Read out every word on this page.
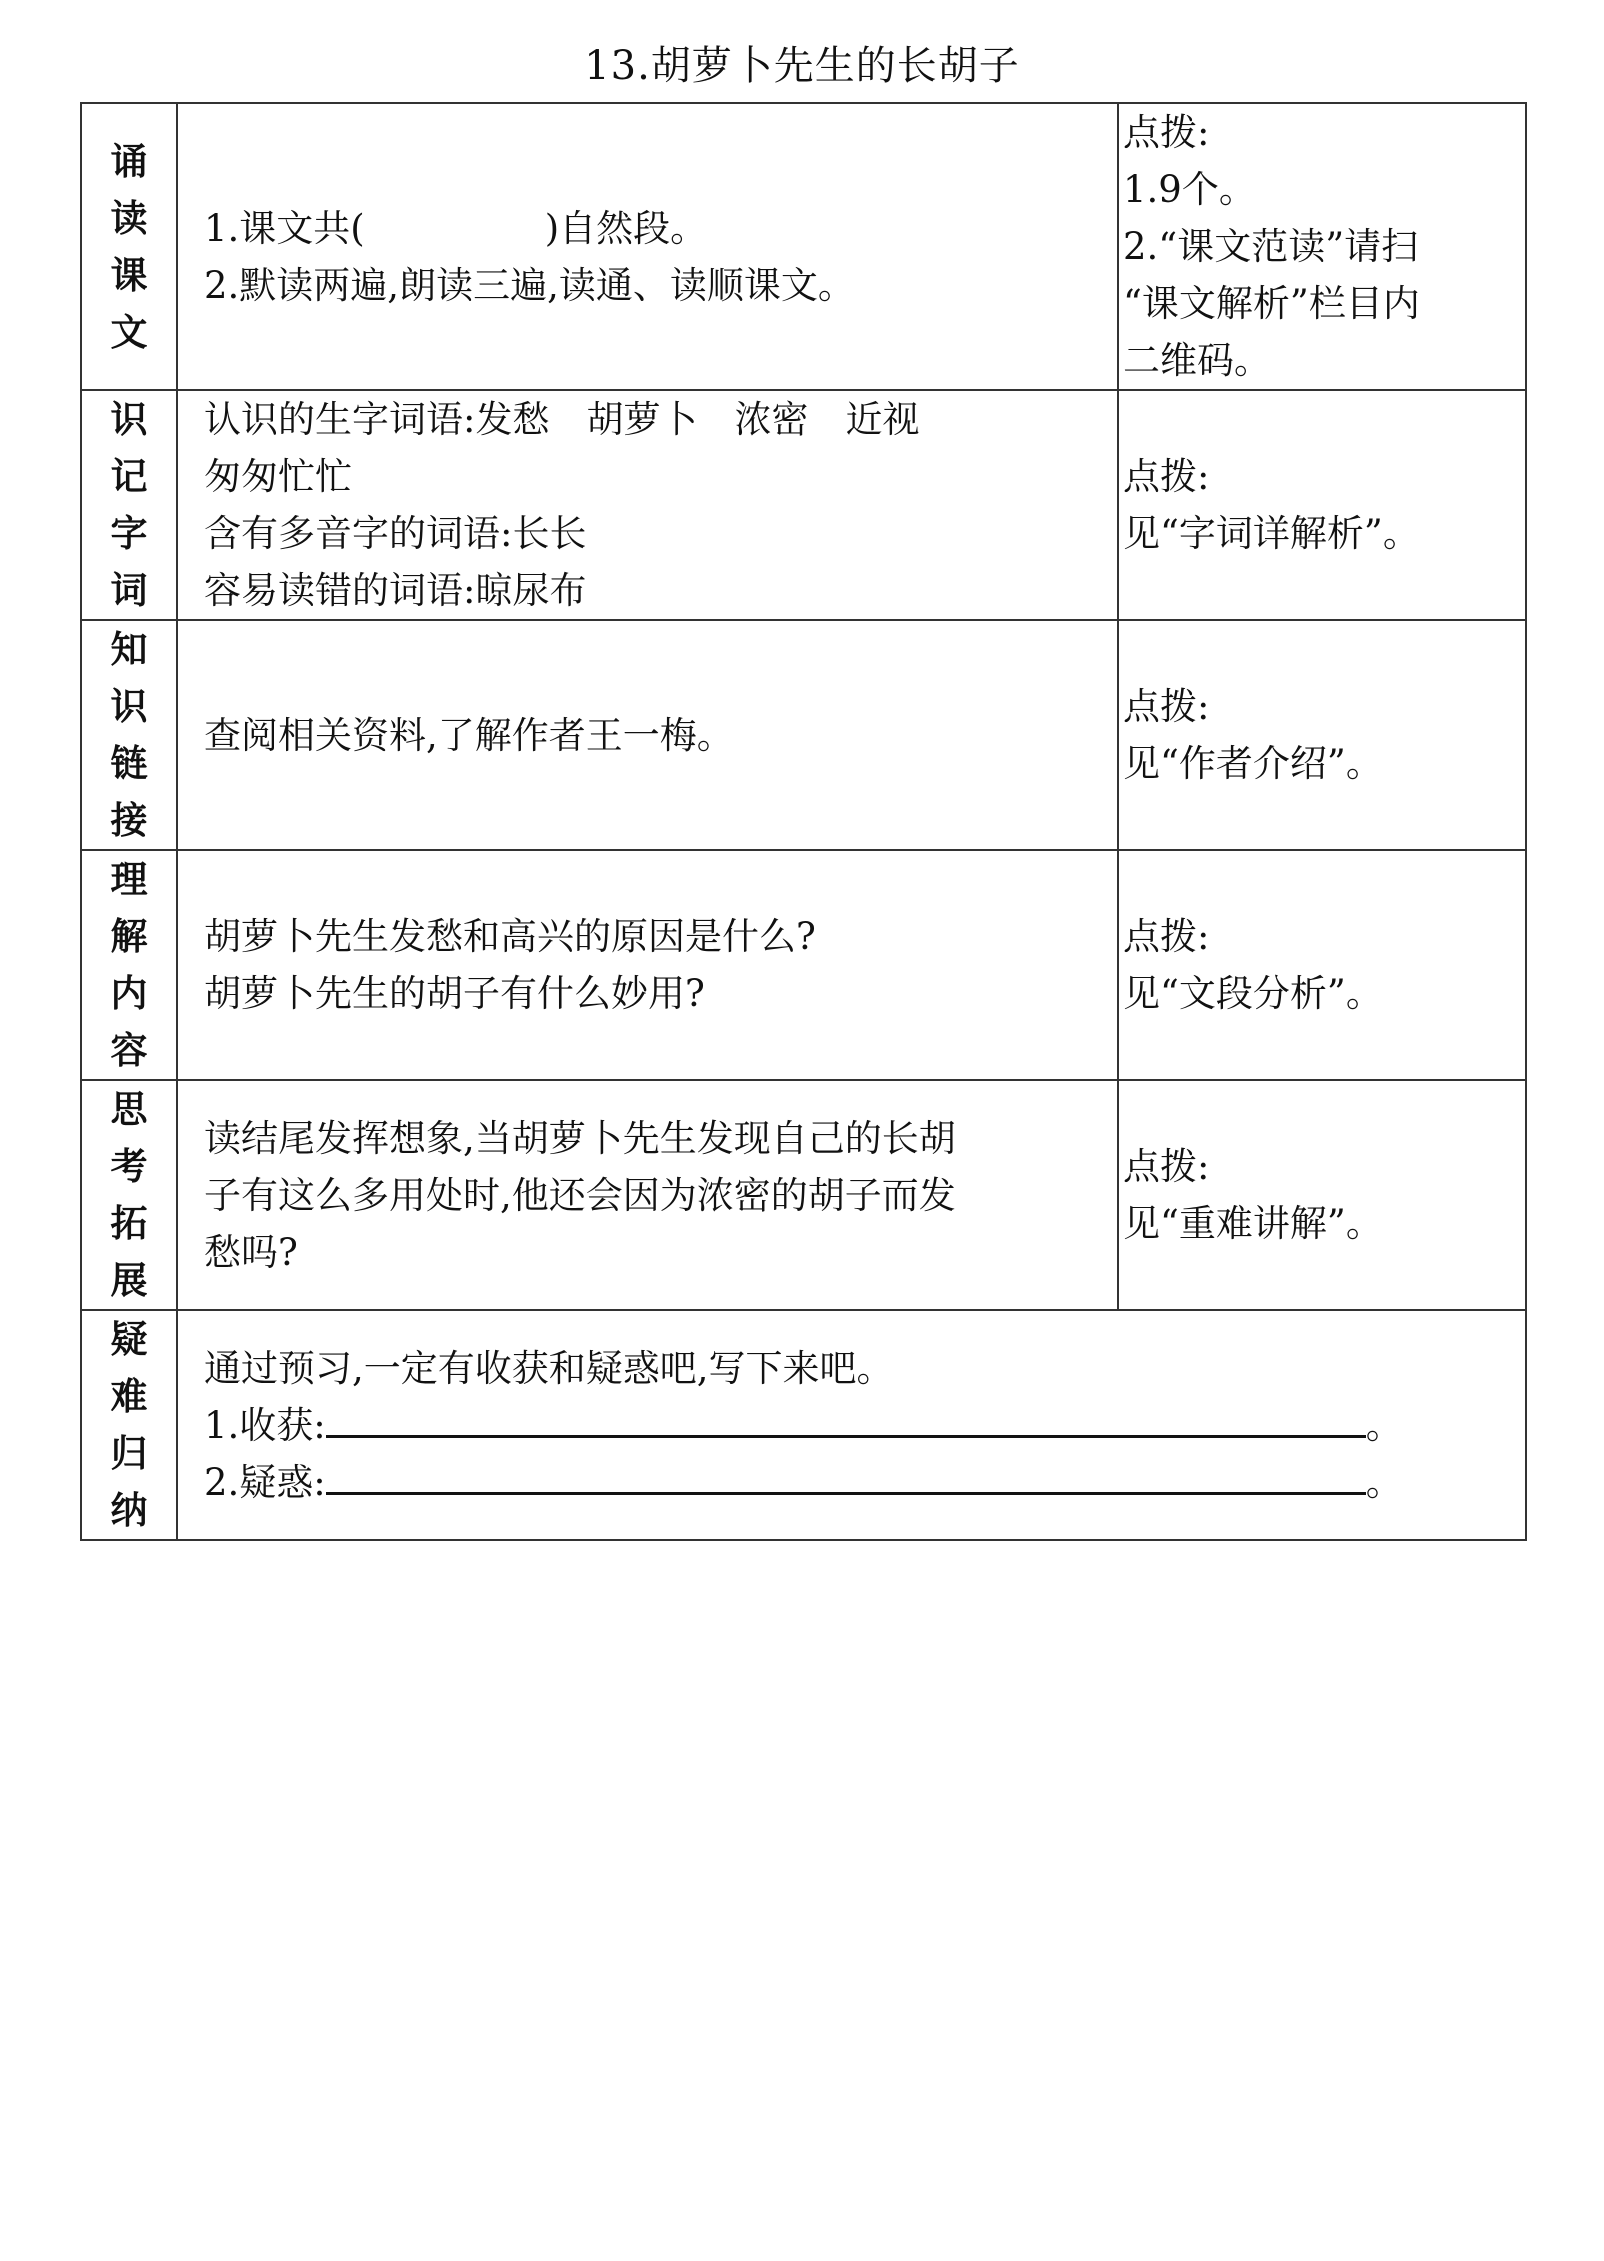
13.胡萝卜先生的长胡子
诵
读
课
文	1.课文共( )自然段。
2.默读两遍,朗读三遍,读通、读顺课文。	点拨:
1.9个。
2.“课文范读”请扫
“课文解析”栏目内
二维码。

识
记
字
词	认识的生字词语:发愁　胡萝卜　浓密　近视
匆匆忙忙
含有多音字的词语:长长
容易读错的词语:晾尿布	点拨:
见“字词详解析”。

知
识
链
接	查阅相关资料,了解作者王一梅。	点拨:
见“作者介绍”。

理
解
内
容	胡萝卜先生发愁和高兴的原因是什么?
胡萝卜先生的胡子有什么妙用?	点拨:
见“文段分析”。

思
考
拓
展	读结尾发挥想象,当胡萝卜先生发现自己的长胡
子有这么多用处时,他还会因为浓密的胡子而发
愁吗?	点拨:
见“重难讲解”。

疑
难
归
纳	通过预习,一定有收获和疑惑吧,写下来吧。
1.收获: 。
2.疑惑: 。	
